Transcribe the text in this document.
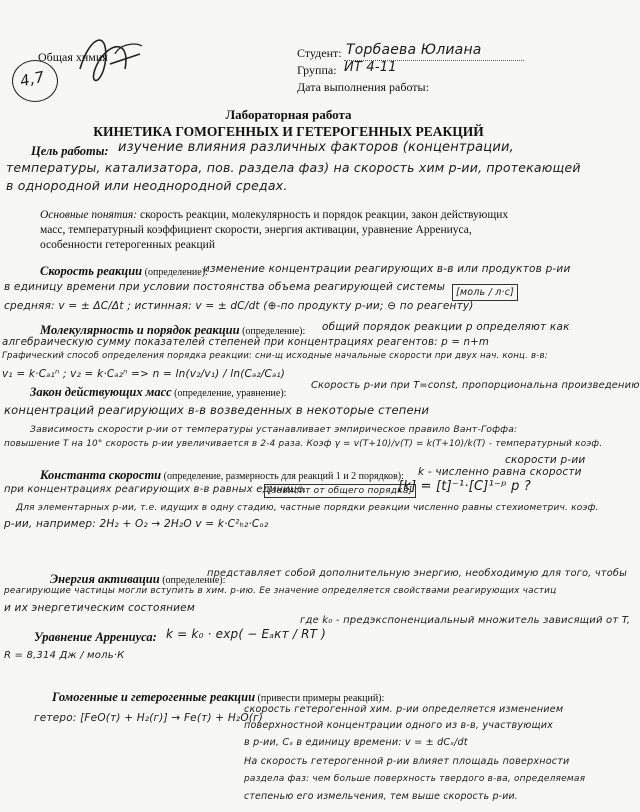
Общая химия
4,7
Студент: Торбаева Юлиана
Группа: ИТ 4-11
Дата выполнения работы:
Лабораторная работа
КИНЕТИКА ГОМОГЕННЫХ И ГЕТЕРОГЕННЫХ РЕАКЦИЙ
Цель работы: изучение влияния различных факторов (концентрации,
температуры, катализатора, пов. раздела фаз) на скорость хим р-ии, протекающей
в однородной или неоднородной средах.
Основные понятия: скорость реакции, молекулярность и порядок реакции, закон действующих
масс, температурный коэффициент скорости, энергия активации, уравнение Аррениуса,
особенности гетерогенных реакций
Скорость реакции (определение):
изменение концентрации реагирующих в-в или продуктов р-ии
в единицу времени при условии постоянства объема реагирующей системы	[моль / л·с]
средняя: v = ± ΔC/Δt ; истинная: v = ± dC/dt (⊕-по продукту р-ии; ⊖ по реагенту)
Молекулярность и порядок реакции (определение): общий порядок реакции p определяют как
алгебраическую сумму показателей степеней при концентрациях реагентов: p = n+m
Графический способ определения порядка реакции: сни-щ исходные начальные скорости при двух нач. конц. в-в:
v₁ = k·Cₐ₁ⁿ ; v₂ = k·Cₐ₂ⁿ => n = ln(v₂/v₁) / ln(Cₐ₂/Cₐ₁)
Закон действующих масс (определение, уравнение):
Скорость р-ии при T=const, пропорциональна произведению
концентраций реагирующих в-в возведенных в некоторые степени
Зависимость скорости р-ии от температуры устанавливает эмпирическое правило Вант-Гоффа:
повышение T на 10° скорость р-ии увеличивается в 2-4 раза. Коэф γ = v(T+10)/v(T) = k(T+10)/k(T) - температурный коэф.
скорости р-ии
Константа скорости (определение, размерность для реакций 1 и 2 порядков): k - численно равна скорости
при концентрациях реагирующих в-в равных единице.
[зависит от общего порядка]
[k] = [t]⁻¹·[C]¹⁻ᵖ p ?
Для элементарных р-ии, т.е. идущих в одну стадию, частные порядки реакции численно равны стехиометрич. коэф.
р-ии, например: 2H₂ + O₂ → 2H₂O v = k·C²ₕ₂·Cₒ₂
Энергия активации (определение):
представляет собой дополнительную энергию, необходимую для того, чтобы
реагирующие частицы могли вступить в хим. р-ию. Ее значение определяется свойствами реагирующих частиц
и их энергетическим состоянием
Уравнение Аррениуса: k = k₀ · exp( − Eₐкт / RT )
где k₀ - предэкспоненциальный множитель зависящий от T,
R = 8,314 Дж / моль·К
Гомогенные и гетерогенные реакции (привести примеры реакций):
гетеро: [FeO(т) + H₂(г)] → Fe(т) + H₂O(г)
скорость гетерогенной хим. р-ии определяется изменением
поверхностной концентрации одного из в-в, участвующих
в р-ии, Cₛ в единицу времени: v = ± dCₛ/dt
На скорость гетерогенной р-ии влияет площадь поверхности
раздела фаз: чем больше поверхность твердого в-ва, определяемая
степенью его измельчения, тем выше скорость р-ии.
